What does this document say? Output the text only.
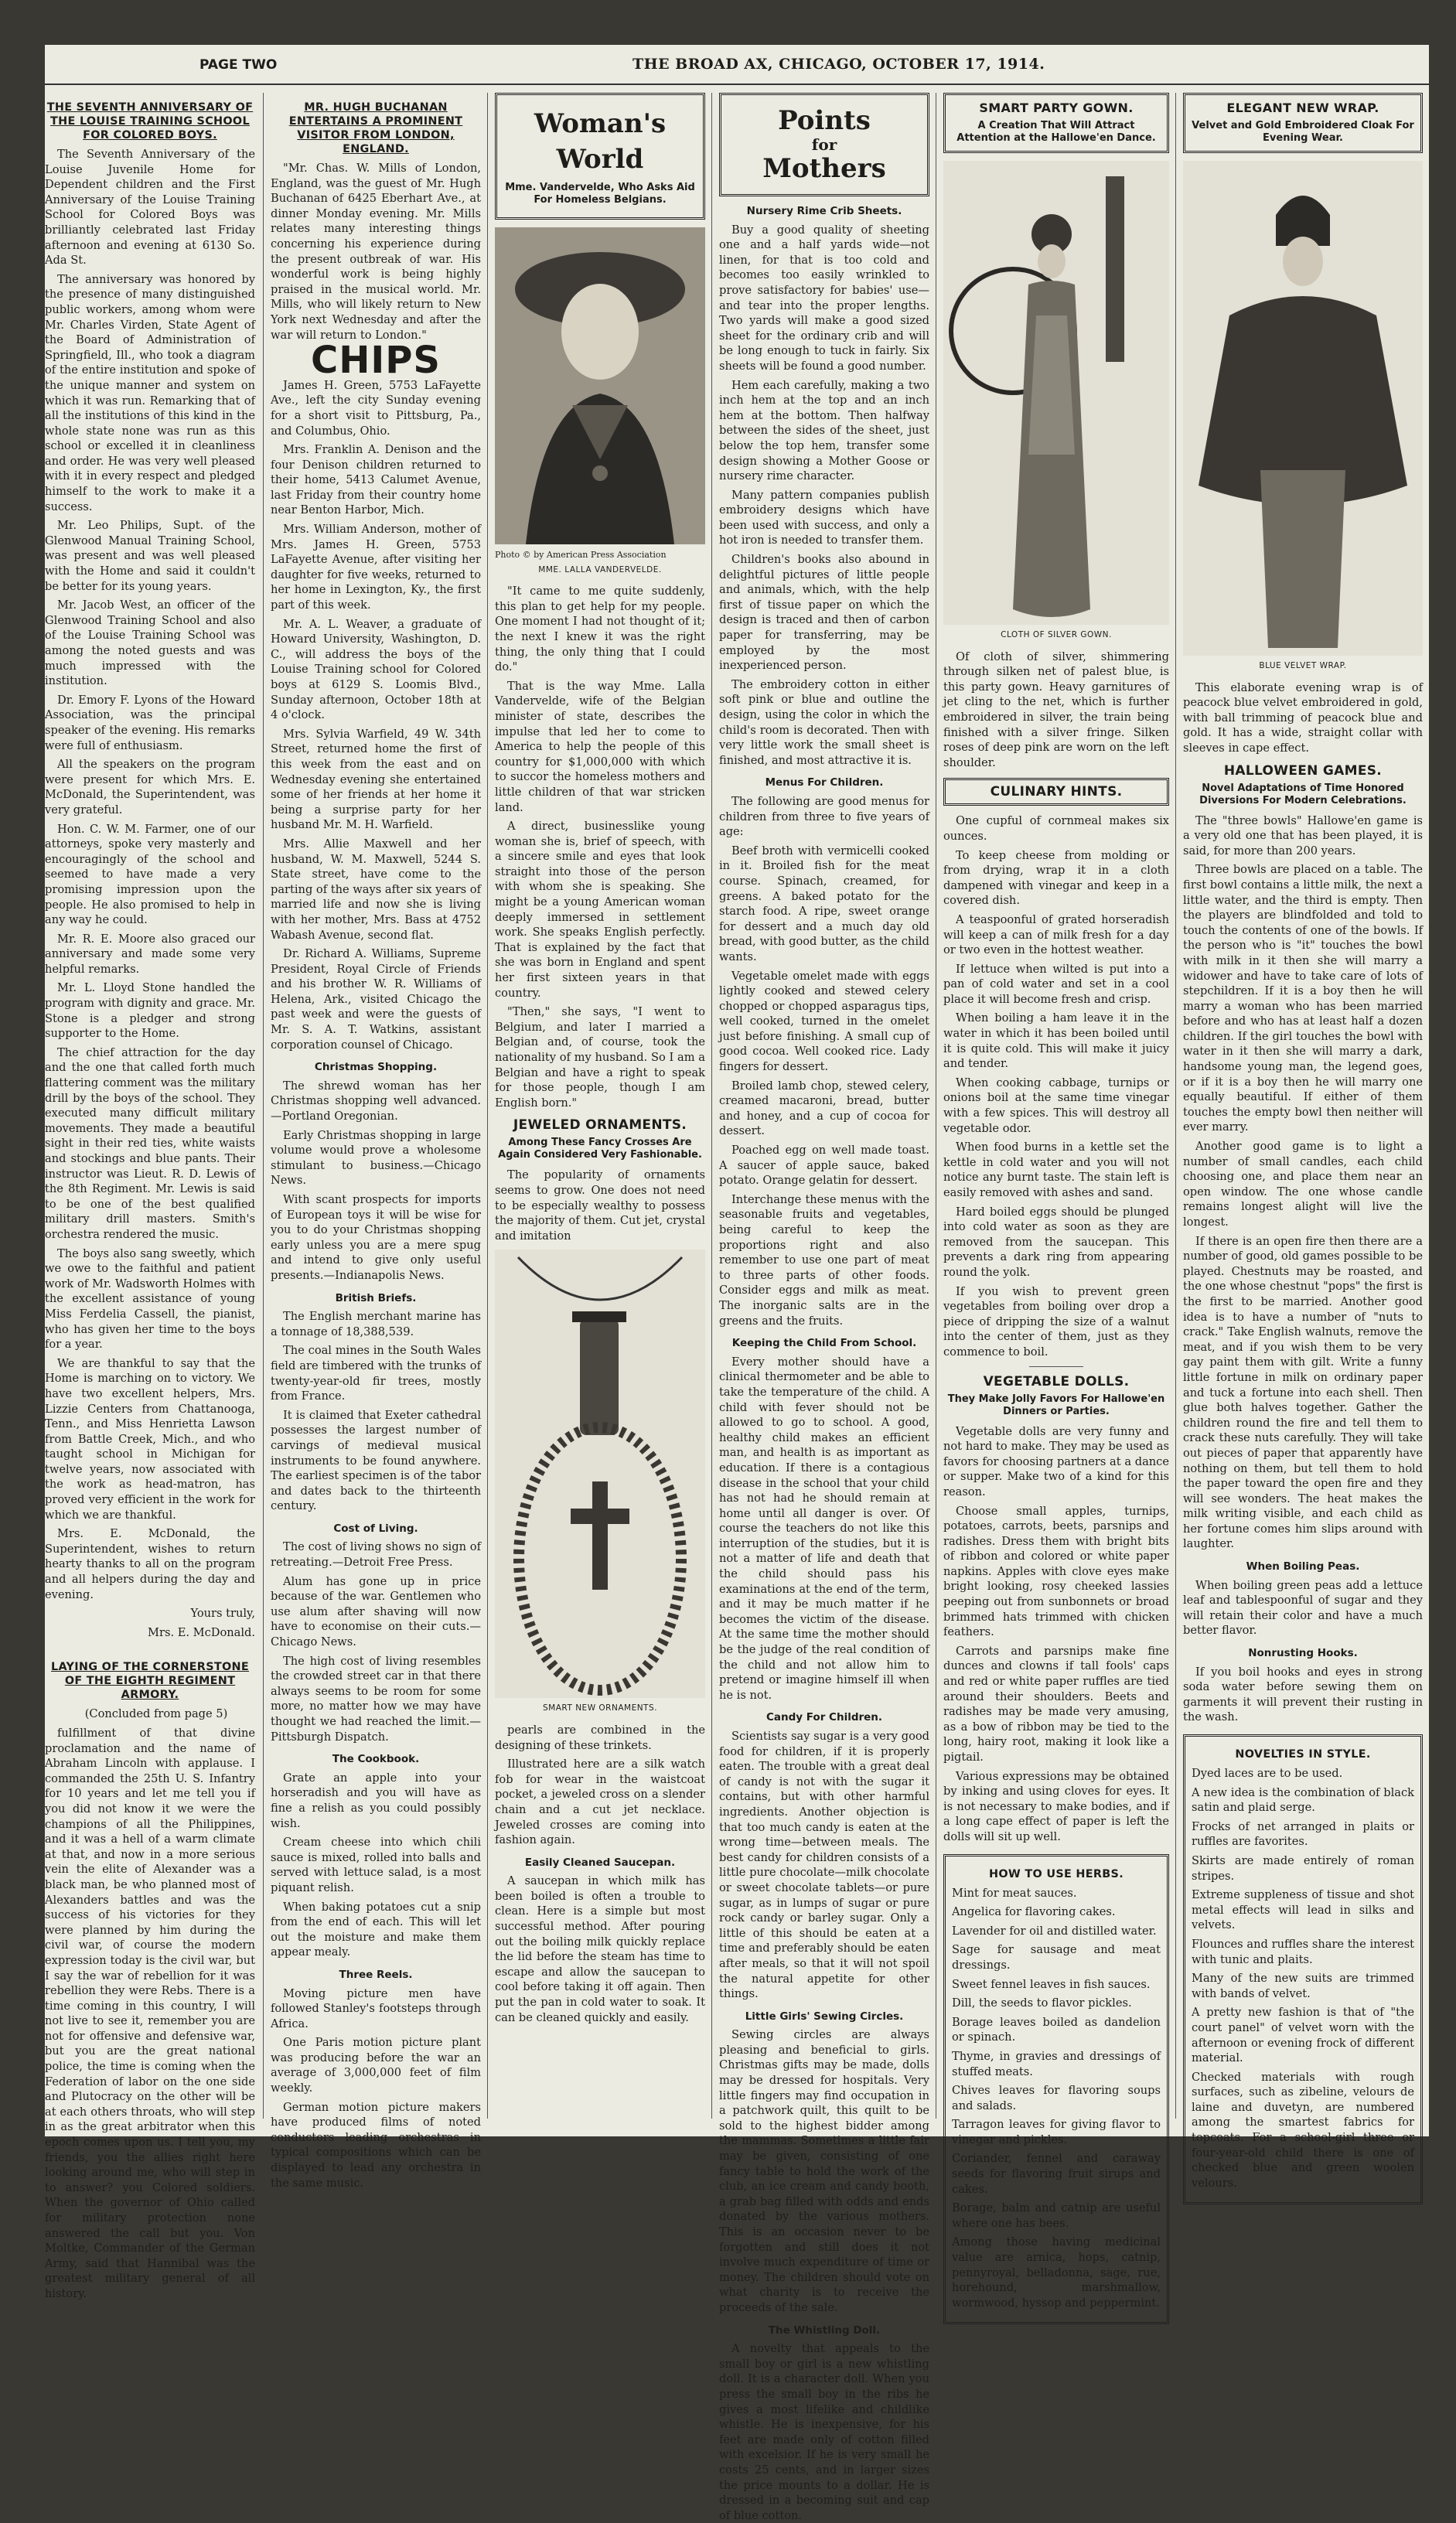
PAGE TWO	THE BROAD AX, CHICAGO, OCTOBER 17, 1914.
THE SEVENTH ANNIVERSARY OF THE LOUISE TRAINING SCHOOL FOR COLORED BOYS.

The Seventh Anniversary of the Louise Juvenile Home for Dependent children and the First Anniversary of the Louise Training School for Colored Boys was brilliantly celebrated last Friday afternoon and evening at 6130 So. Ada St.

The anniversary was honored by the presence of many distinguished public workers, among whom were Mr. Charles Virden, State Agent of the Board of Administration of Springfield, Ill., who took a diagram of the entire institution and spoke of the unique manner and system on which it was run. Remarking that of all the institutions of this kind in the whole state none was run as this school or excelled it in cleanliness and order. He was very well pleased with it in every respect and pledged himself to the work to make it a success.

Mr. Leo Philips, Supt. of the Glenwood Manual Training School, was present and was well pleased with the Home and said it couldn't be better for its young years.

Mr. Jacob West, an officer of the Glenwood Training School and also of the Louise Training School was among the noted guests and was much impressed with the institution.

Dr. Emory F. Lyons of the Howard Association, was the principal speaker of the evening. His remarks were full of enthusiasm.

All the speakers on the program were present for which Mrs. E. McDonald, the Superintendent, was very grateful.

Hon. C. W. M. Farmer, one of our attorneys, spoke very masterly and encouragingly of the school and seemed to have made a very promising impression upon the people. He also promised to help in any way he could.

Mr. R. E. Moore also graced our anniversary and made some very helpful remarks.

Mr. L. Lloyd Stone handled the program with dignity and grace. Mr. Stone is a pledger and strong supporter to the Home.

The chief attraction for the day and the one that called forth much flattering comment was the military drill by the boys of the school. They executed many difficult military movements. They made a beautiful sight in their red ties, white waists and stockings and blue pants. Their instructor was Lieut. R. D. Lewis of the 8th Regiment. Mr. Lewis is said to be one of the best qualified military drill masters. Smith's orchestra rendered the music.

The boys also sang sweetly, which we owe to the faithful and patient work of Mr. Wadsworth Holmes with the excellent assistance of young Miss Ferdelia Cassell, the pianist, who has given her time to the boys for a year.

We are thankful to say that the Home is marching on to victory. We have two excellent helpers, Mrs. Lizzie Centers from Chattanooga, Tenn., and Miss Henrietta Lawson from Battle Creek, Mich., and who taught school in Michigan for twelve years, now associated with the work as head-matron, has proved very efficient in the work for which we are thankful.

Mrs. E. McDonald, the Superintendent, wishes to return hearty thanks to all on the program and all helpers during the day and evening.

Yours truly,

Mrs. E. McDonald.

LAYING OF THE CORNERSTONE OF THE EIGHTH REGIMENT ARMORY.

(Concluded from page 5)

fulfillment of that divine proclamation and the name of Abraham Lincoln with applause. I commanded the 25th U. S. Infantry for 10 years and let me tell you if you did not know it we were the champions of all the Philippines, and it was a hell of a warm climate at that, and now in a more serious vein the elite of Alexander was a black man, be who planned most of Alexanders battles and was the success of his victories for they were planned by him during the civil war, of course the modern expression today is the civil war, but I say the war of rebellion for it was rebellion they were Rebs. There is a time coming in this country, I will not live to see it, remember you are not for offensive and defensive war, but you are the great national police, the time is coming when the Federation of labor on the one side and Plutocracy on the other will be at each others throats, who will step in as the great arbitrator when this epoch comes upon us. I tell you, my friends, you the allies right here looking around me, who will step in to answer? you Colored soldiers. When the governor of Ohio called for military protection none answered the call but you. Von Moltke, Commander of the German Army, said that Hannibal was the greatest military general of all history.

MR. HUGH BUCHANAN ENTERTAINS A PROMINENT VISITOR FROM LONDON, ENGLAND.

"Mr. Chas. W. Mills of London, England, was the guest of Mr. Hugh Buchanan of 6425 Eberhart Ave., at dinner Monday evening. Mr. Mills relates many interesting things concerning his experience during the present outbreak of war. His wonderful work is being highly praised in the musical world. Mr. Mills, who will likely return to New York next Wednesday and after the war will return to London."

CHIPS

James H. Green, 5753 LaFayette Ave., left the city Sunday evening for a short visit to Pittsburg, Pa., and Columbus, Ohio.

Mrs. Franklin A. Denison and the four Denison children returned to their home, 5413 Calumet Avenue, last Friday from their country home near Benton Harbor, Mich.

Mrs. William Anderson, mother of Mrs. James H. Green, 5753 LaFayette Avenue, after visiting her daughter for five weeks, returned to her home in Lexington, Ky., the first part of this week.

Mr. A. L. Weaver, a graduate of Howard University, Washington, D. C., will address the boys of the Louise Training school for Colored boys at 6129 S. Loomis Blvd., Sunday afternoon, October 18th at 4 o'clock.

Mrs. Sylvia Warfield, 49 W. 34th Street, returned home the first of this week from the east and on Wednesday evening she entertained some of her friends at her home it being a surprise party for her husband Mr. M. H. Warfield.

Mrs. Allie Maxwell and her husband, W. M. Maxwell, 5244 S. State street, have come to the parting of the ways after six years of married life and now she is living with her mother, Mrs. Bass at 4752 Wabash Avenue, second flat.

Dr. Richard A. Williams, Supreme President, Royal Circle of Friends and his brother W. R. Williams of Helena, Ark., visited Chicago the past week and were the guests of Mr. S. A. T. Watkins, assistant corporation counsel of Chicago.

Christmas Shopping.

The shrewd woman has her Christmas shopping well advanced.—Portland Oregonian.

Early Christmas shopping in large volume would prove a wholesome stimulant to business.—Chicago News.

With scant prospects for imports of European toys it will be wise for you to do your Christmas shopping early unless you are a mere spug and intend to give only useful presents.—Indianapolis News.

British Briefs.

The English merchant marine has a tonnage of 18,388,539.

The coal mines in the South Wales field are timbered with the trunks of twenty-year-old fir trees, mostly from France.

It is claimed that Exeter cathedral possesses the largest number of carvings of medieval musical instruments to be found anywhere. The earliest specimen is of the tabor and dates back to the thirteenth century.

Cost of Living.

The cost of living shows no sign of retreating.—Detroit Free Press.

Alum has gone up in price because of the war. Gentlemen who use alum after shaving will now have to economise on their cuts.—Chicago News.

The high cost of living resembles the crowded street car in that there always seems to be room for some more, no matter how we may have thought we had reached the limit.—Pittsburgh Dispatch.

The Cookbook.

Grate an apple into your horseradish and you will have as fine a relish as you could possibly wish.

Cream cheese into which chili sauce is mixed, rolled into balls and served with lettuce salad, is a most piquant relish.

When baking potatoes cut a snip from the end of each. This will let out the moisture and make them appear mealy.

Three Reels.

Moving picture men have followed Stanley's footsteps through Africa.

One Paris motion picture plant was producing before the war an average of 3,000,000 feet of film weekly.

German motion picture makers have produced films of noted conductors leading orchestras in typical compositions which can be displayed to lead any orchestra in the same music.

Woman's World
Mme. Vandervelde, Who Asks Aid For Homeless Belgians.
Photo © by American Press Association
MME. LALLA VANDERVELDE.

"It came to me quite suddenly, this plan to get help for my people. One moment I had not thought of it; the next I knew it was the right thing, the only thing that I could do."

That is the way Mme. Lalla Vandervelde, wife of the Belgian minister of state, describes the impulse that led her to come to America to help the people of this country for $1,000,000 with which to succor the homeless mothers and little children of that war stricken land.

A direct, businesslike young woman she is, brief of speech, with a sincere smile and eyes that look straight into those of the person with whom she is speaking. She might be a young American woman deeply immersed in settlement work. She speaks English perfectly. That is explained by the fact that she was born in England and spent her first sixteen years in that country.

"Then," she says, "I went to Belgium, and later I married a Belgian and, of course, took the nationality of my husband. So I am a Belgian and have a right to speak for those people, though I am English born."

JEWELED ORNAMENTS.
Among These Fancy Crosses Are Again Considered Very Fashionable.

The popularity of ornaments seems to grow. One does not need to be especially wealthy to possess the majority of them. Cut jet, crystal and imitation

SMART NEW ORNAMENTS.

pearls are combined in the designing of these trinkets.

Illustrated here are a silk watch fob for wear in the waistcoat pocket, a jeweled cross on a slender chain and a cut jet necklace. Jeweled crosses are coming into fashion again.

Easily Cleaned Saucepan.

A saucepan in which milk has been boiled is often a trouble to clean. Here is a simple but most successful method. After pouring out the boiling milk quickly replace the lid before the steam has time to escape and allow the saucepan to cool before taking it off again. Then put the pan in cold water to soak. It can be cleaned quickly and easily.

Points
for
Mothers
Nursery Rime Crib Sheets.

Buy a good quality of sheeting one and a half yards wide—not linen, for that is too cold and becomes too easily wrinkled to prove satisfactory for babies' use—and tear into the proper lengths. Two yards will make a good sized sheet for the ordinary crib and will be long enough to tuck in fairly. Six sheets will be found a good number.

Hem each carefully, making a two inch hem at the top and an inch hem at the bottom. Then halfway between the sides of the sheet, just below the top hem, transfer some design showing a Mother Goose or nursery rime character.

Many pattern companies publish embroidery designs which have been used with success, and only a hot iron is needed to transfer them.

Children's books also abound in delightful pictures of little people and animals, which, with the help first of tissue paper on which the design is traced and then of carbon paper for transferring, may be employed by the most inexperienced person.

The embroidery cotton in either soft pink or blue and outline the design, using the color in which the child's room is decorated. Then with very little work the small sheet is finished, and most attractive it is.

Menus For Children.

The following are good menus for children from three to five years of age:

Beef broth with vermicelli cooked in it. Broiled fish for the meat course. Spinach, creamed, for greens. A baked potato for the starch food. A ripe, sweet orange for dessert and a much day old bread, with good butter, as the child wants.

Vegetable omelet made with eggs lightly cooked and stewed celery chopped or chopped asparagus tips, well cooked, turned in the omelet just before finishing. A small cup of good cocoa. Well cooked rice. Lady fingers for dessert.

Broiled lamb chop, stewed celery, creamed macaroni, bread, butter and honey, and a cup of cocoa for dessert.

Poached egg on well made toast. A saucer of apple sauce, baked potato. Orange gelatin for dessert.

Interchange these menus with the seasonable fruits and vegetables, being careful to keep the proportions right and also remember to use one part of meat to three parts of other foods. Consider eggs and milk as meat. The inorganic salts are in the greens and the fruits.

Keeping the Child From School.

Every mother should have a clinical thermometer and be able to take the temperature of the child. A child with fever should not be allowed to go to school. A good, healthy child makes an efficient man, and health is as important as education. If there is a contagious disease in the school that your child has not had he should remain at home until all danger is over. Of course the teachers do not like this interruption of the studies, but it is not a matter of life and death that the child should pass his examinations at the end of the term, and it may be much matter if he becomes the victim of the disease. At the same time the mother should be the judge of the real condition of the child and not allow him to pretend or imagine himself ill when he is not.

Candy For Children.

Scientists say sugar is a very good food for children, if it is properly eaten. The trouble with a great deal of candy is not with the sugar it contains, but with other harmful ingredients. Another objection is that too much candy is eaten at the wrong time—between meals. The best candy for children consists of a little pure chocolate—milk chocolate or sweet chocolate tablets—or pure sugar, as in lumps of sugar or pure rock candy or barley sugar. Only a little of this should be eaten at a time and preferably should be eaten after meals, so that it will not spoil the natural appetite for other things.

Little Girls' Sewing Circles.

Sewing circles are always pleasing and beneficial to girls. Christmas gifts may be made, dolls may be dressed for hospitals. Very little fingers may find occupation in a patchwork quilt, this quilt to be sold to the highest bidder among the mammas. Sometimes a little fair may be given, consisting of one fancy table to hold the work of the club, an ice cream and candy booth, a grab bag filled with odds and ends donated by the various mothers. This is an occasion never to be forgotten and still does it not involve much expenditure of time or money. The children should vote on what charity is to receive the proceeds of the sale.

The Whistling Doll.

A novelty that appeals to the small boy or girl is a new whistling doll. It is a character doll. When you press the small boy in the ribs he gives a most lifelike and childlike whistle. He is inexpensive, for his feet are made only of cotton filled with excelsior. If he is very small he costs 25 cents, and in larger sizes the price mounts to a dollar. He is dressed in a becoming suit and cap of blue cotton.

SMART PARTY GOWN.
A Creation That Will Attract Attention at the Hallowe'en Dance.
CLOTH OF SILVER GOWN.

Of cloth of silver, shimmering through silken net of palest blue, is this party gown. Heavy garnitures of jet cling to the net, which is further embroidered in silver, the train being finished with a silver fringe. Silken roses of deep pink are worn on the left shoulder.

CULINARY HINTS.

One cupful of cornmeal makes six ounces.

To keep cheese from molding or from drying, wrap it in a cloth dampened with vinegar and keep in a covered dish.

A teaspoonful of grated horseradish will keep a can of milk fresh for a day or two even in the hottest weather.

If lettuce when wilted is put into a pan of cold water and set in a cool place it will become fresh and crisp.

When boiling a ham leave it in the water in which it has been boiled until it is quite cold. This will make it juicy and tender.

When cooking cabbage, turnips or onions boil at the same time vinegar with a few spices. This will destroy all vegetable odor.

When food burns in a kettle set the kettle in cold water and you will not notice any burnt taste. The stain left is easily removed with ashes and sand.

Hard boiled eggs should be plunged into cold water as soon as they are removed from the saucepan. This prevents a dark ring from appearing round the yolk.

If you wish to prevent green vegetables from boiling over drop a piece of dripping the size of a walnut into the center of them, just as they commence to boil.

VEGETABLE DOLLS.
They Make Jolly Favors For Hallowe'en Dinners or Parties.

Vegetable dolls are very funny and not hard to make. They may be used as favors for choosing partners at a dance or supper. Make two of a kind for this reason.

Choose small apples, turnips, potatoes, carrots, beets, parsnips and radishes. Dress them with bright bits of ribbon and colored or white paper napkins. Apples with clove eyes make bright looking, rosy cheeked lassies peeping out from sunbonnets or broad brimmed hats trimmed with chicken feathers.

Carrots and parsnips make fine dunces and clowns if tall fools' caps and red or white paper ruffles are tied around their shoulders. Beets and radishes may be made very amusing, as a bow of ribbon may be tied to the long, hairy root, making it look like a pigtail.

Various expressions may be obtained by inking and using cloves for eyes. It is not necessary to make bodies, and if a long cape effect of paper is left the dolls will sit up well.

HOW TO USE HERBS.

Mint for meat sauces.

Angelica for flavoring cakes.

Lavender for oil and distilled water.

Sage for sausage and meat dressings.

Sweet fennel leaves in fish sauces.

Dill, the seeds to flavor pickles.

Borage leaves boiled as dandelion or spinach.

Thyme, in gravies and dressings of stuffed meats.

Chives leaves for flavoring soups and salads.

Tarragon leaves for giving flavor to vinegar and pickles.

Coriander, fennel and caraway seeds for flavoring fruit sirups and cakes.

Borage, balm and catnip are useful where one has bees.

Among those having medicinal value are arnica, hops, catnip, pennyroyal, belladonna, sage, rue, horehound, marshmallow, wormwood, hyssop and peppermint.

ELEGANT NEW WRAP.
Velvet and Gold Embroidered Cloak For Evening Wear.
BLUE VELVET WRAP.

This elaborate evening wrap is of peacock blue velvet embroidered in gold, with ball trimming of peacock blue and gold. It has a wide, straight collar with sleeves in cape effect.

HALLOWEEN GAMES.
Novel Adaptations of Time Honored Diversions For Modern Celebrations.

The "three bowls" Hallowe'en game is a very old one that has been played, it is said, for more than 200 years.

Three bowls are placed on a table. The first bowl contains a little milk, the next a little water, and the third is empty. Then the players are blindfolded and told to touch the contents of one of the bowls. If the person who is "it" touches the bowl with milk in it then she will marry a widower and have to take care of lots of stepchildren. If it is a boy then he will marry a woman who has been married before and who has at least half a dozen children. If the girl touches the bowl with water in it then she will marry a dark, handsome young man, the legend goes, or if it is a boy then he will marry one equally beautiful. If either of them touches the empty bowl then neither will ever marry.

Another good game is to light a number of small candles, each child choosing one, and place them near an open window. The one whose candle remains longest alight will live the longest.

If there is an open fire then there are a number of good, old games possible to be played. Chestnuts may be roasted, and the one whose chestnut "pops" the first is the first to be married. Another good idea is to have a number of "nuts to crack." Take English walnuts, remove the meat, and if you wish them to be very gay paint them with gilt. Write a funny little fortune in milk on ordinary paper and tuck a fortune into each shell. Then glue both halves together. Gather the children round the fire and tell them to crack these nuts carefully. They will take out pieces of paper that apparently have nothing on them, but tell them to hold the paper toward the open fire and they will see wonders. The heat makes the milk writing visible, and each child as her fortune comes him slips around with laughter.

When Boiling Peas.

When boiling green peas add a lettuce leaf and tablespoonful of sugar and they will retain their color and have a much better flavor.

Nonrusting Hooks.

If you boil hooks and eyes in strong soda water before sewing them on garments it will prevent their rusting in the wash.

NOVELTIES IN STYLE.

Dyed laces are to be used.

A new idea is the combination of black satin and plaid serge.

Frocks of net arranged in plaits or ruffles are favorites.

Skirts are made entirely of roman stripes.

Extreme suppleness of tissue and shot metal effects will lead in silks and velvets.

Flounces and ruffles share the interest with tunic and plaits.

Many of the new suits are trimmed with bands of velvet.

A pretty new fashion is that of "the court panel" of velvet worn with the afternoon or evening frock of different material.

Checked materials with rough surfaces, such as zibeline, velours de laine and duvetyn, are numbered among the smartest fabrics for topcoats. For a school-girl three or four-year-old child there is one of checked blue and green woolen velours.
